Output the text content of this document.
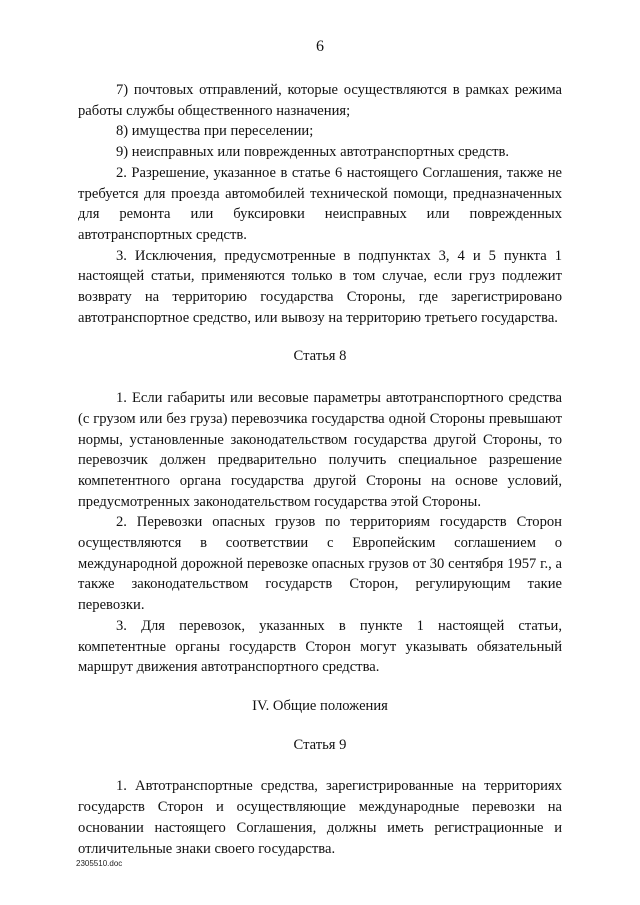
6

7) почтовых отправлений, которые осуществляются в рамках режима работы службы общественного назначения;

8) имущества при переселении;

9) неисправных или поврежденных автотранспортных средств.

2. Разрешение, указанное в статье 6 настоящего Соглашения, также не требуется для проезда автомобилей технической помощи, предназначенных для ремонта или буксировки неисправных или поврежденных автотранспортных средств.

3. Исключения, предусмотренные в подпунктах 3, 4 и 5 пункта 1 настоящей статьи, применяются только в том случае, если груз подлежит возврату на территорию государства Стороны, где зарегистрировано автотранспортное средство, или вывозу на территорию третьего государства.

Статья 8

1. Если габариты или весовые параметры автотранспортного средства (с грузом или без груза) перевозчика государства одной Стороны превышают нормы, установленные законодательством государства другой Стороны, то перевозчик должен предварительно получить специальное разрешение компетентного органа государства другой Стороны на основе условий, предусмотренных законодательством государства этой Стороны.

2. Перевозки опасных грузов по территориям государств Сторон осуществляются в соответствии с Европейским соглашением о международной дорожной перевозке опасных грузов от 30 сентября 1957 г., а также законодательством государств Сторон, регулирующим такие перевозки.

3. Для перевозок, указанных в пункте 1 настоящей статьи, компетентные органы государств Сторон могут указывать обязательный маршрут движения автотранспортного средства.

IV. Общие положения

Статья 9

1. Автотранспортные средства, зарегистрированные на территориях государств Сторон и осуществляющие международные перевозки на основании настоящего Соглашения, должны иметь регистрационные и отличительные знаки своего государства.

2305510.doc
